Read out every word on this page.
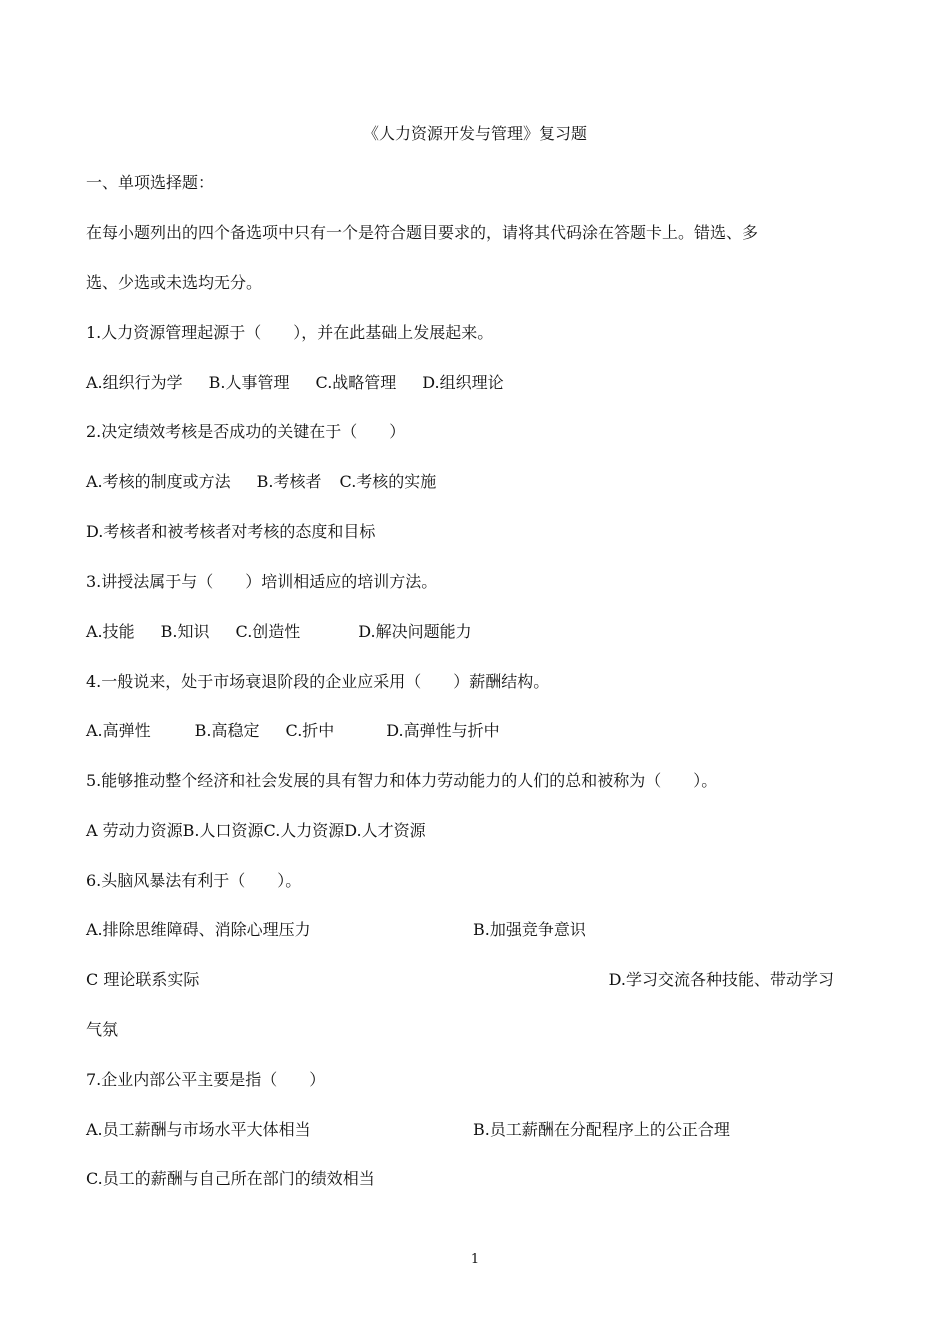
《人力资源开发与管理》复习题
一、单项选择题：
在每小题列出的四个备选项中只有一个是符合题目要求的，请将其代码涂在答题卡上。错选、多
选、少选或未选均无分。
1.人力资源管理起源于（　　），并在此基础上发展起来。
A.组织行为学 B.人事管理 C.战略管理 D.组织理论
2.决定绩效考核是否成功的关键在于（　　）
A.考核的制度或方法 B.考核者 C.考核的实施
D.考核者和被考核者对考核的态度和目标
3.讲授法属于与（　　）培训相适应的培训方法。
A.技能 B.知识 C.创造性	D.解决问题能力
4.一般说来，处于市场衰退阶段的企业应采用（　　）薪酬结构。
A.高弹性	B.高稳定 C.折中	D.高弹性与折中
5.能够推动整个经济和社会发展的具有智力和体力劳动能力的人们的总和被称为（　　）。
A 劳动力资源B.人口资源C.人力资源D.人才资源
6.头脑风暴法有利于（　　）。
A.排除思维障碍、消除心理压力	B.加强竞争意识
C 理论联系实际	D.学习交流各种技能、带动学习
气氛
7.企业内部公平主要是指（　　）
A.员工薪酬与市场水平大体相当	B.员工薪酬在分配程序上的公正合理
C.员工的薪酬与自己所在部门的绩效相当
1
